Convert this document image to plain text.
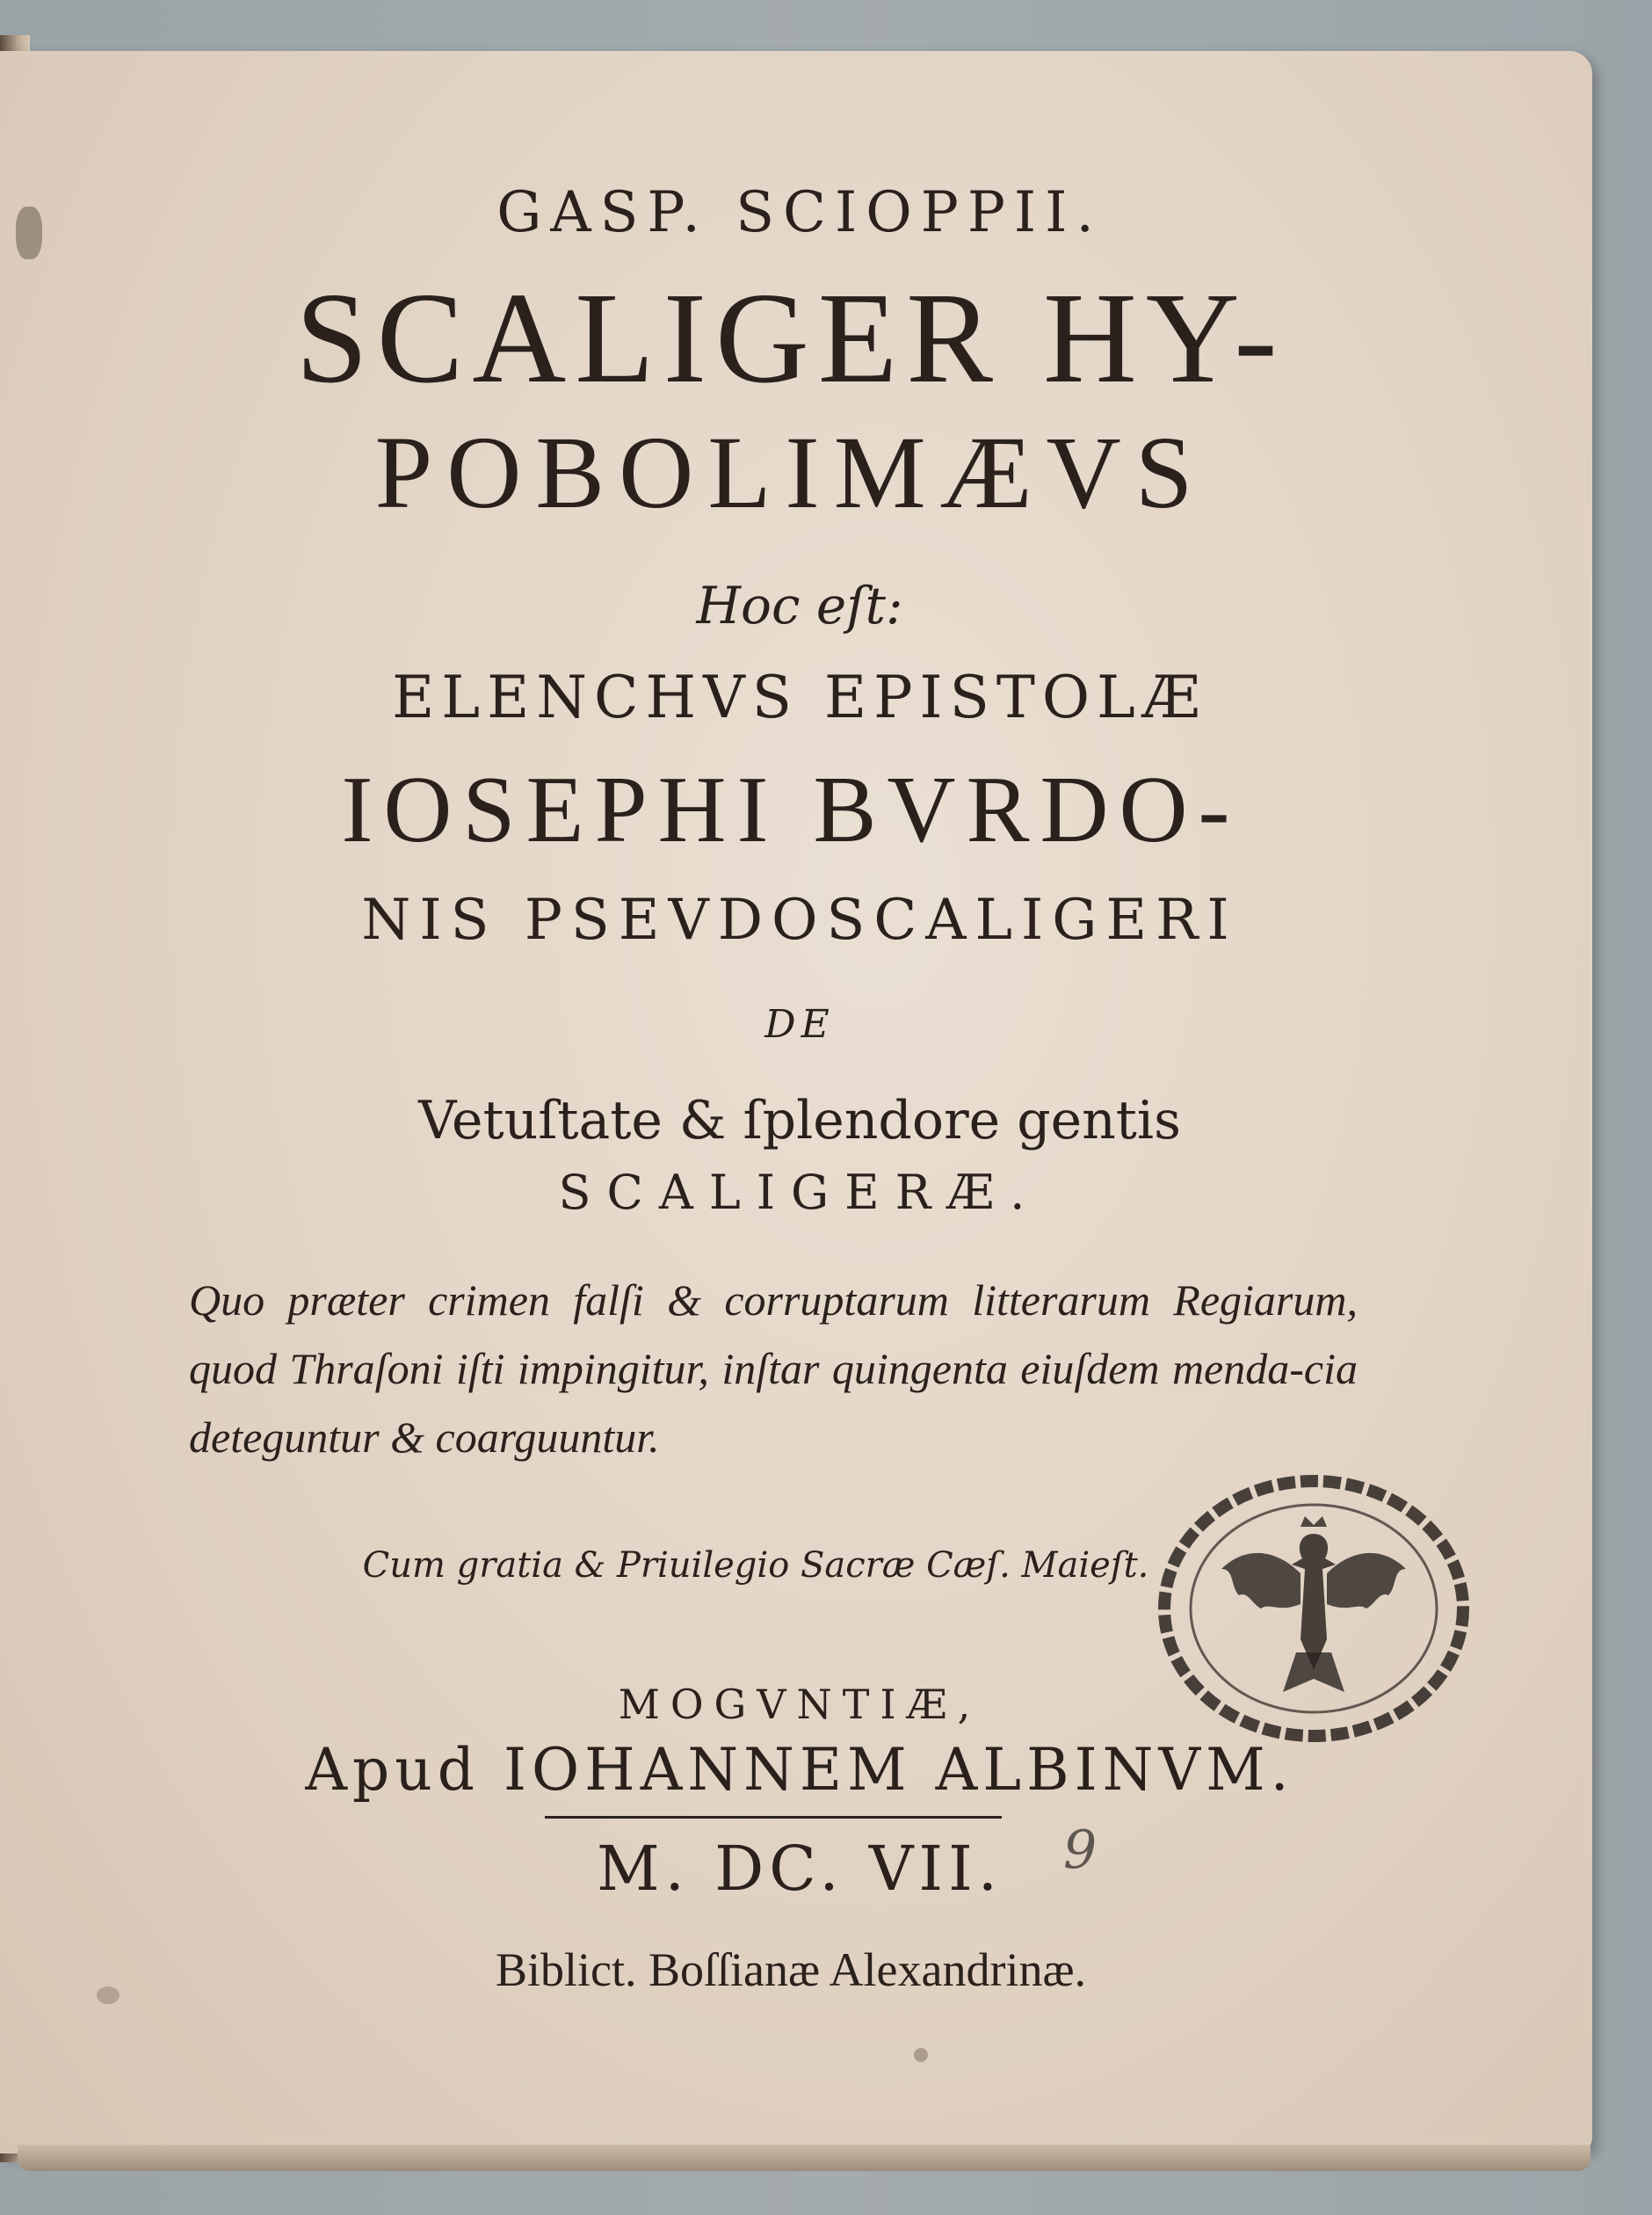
GASP. SCIOPPII.
SCALIGER HY-
POBOLIMÆVS
Hoc eſt:
ELENCHVS EPISTOLÆ
IOSEPHI BVRDO-
NIS PSEVDOSCALIGERI
DE
Vetuſtate & ſplendore gentis
SCALIGERÆ.
Quo præter crimen falſi & corruptarum litterarum Regiarum, quod Thraſoni iſti impingitur, inſtar quingenta eiuſdem menda-cia deteguntur & coarguuntur.
Cum gratia & Priuilegio Sacræ Cæſ. Maieſt.
MOGVNTIÆ,
Apud IOHANNEM ALBINVM.
M. DC. VII.	9
Biblict. Boſſianæ Alexandrinæ.
